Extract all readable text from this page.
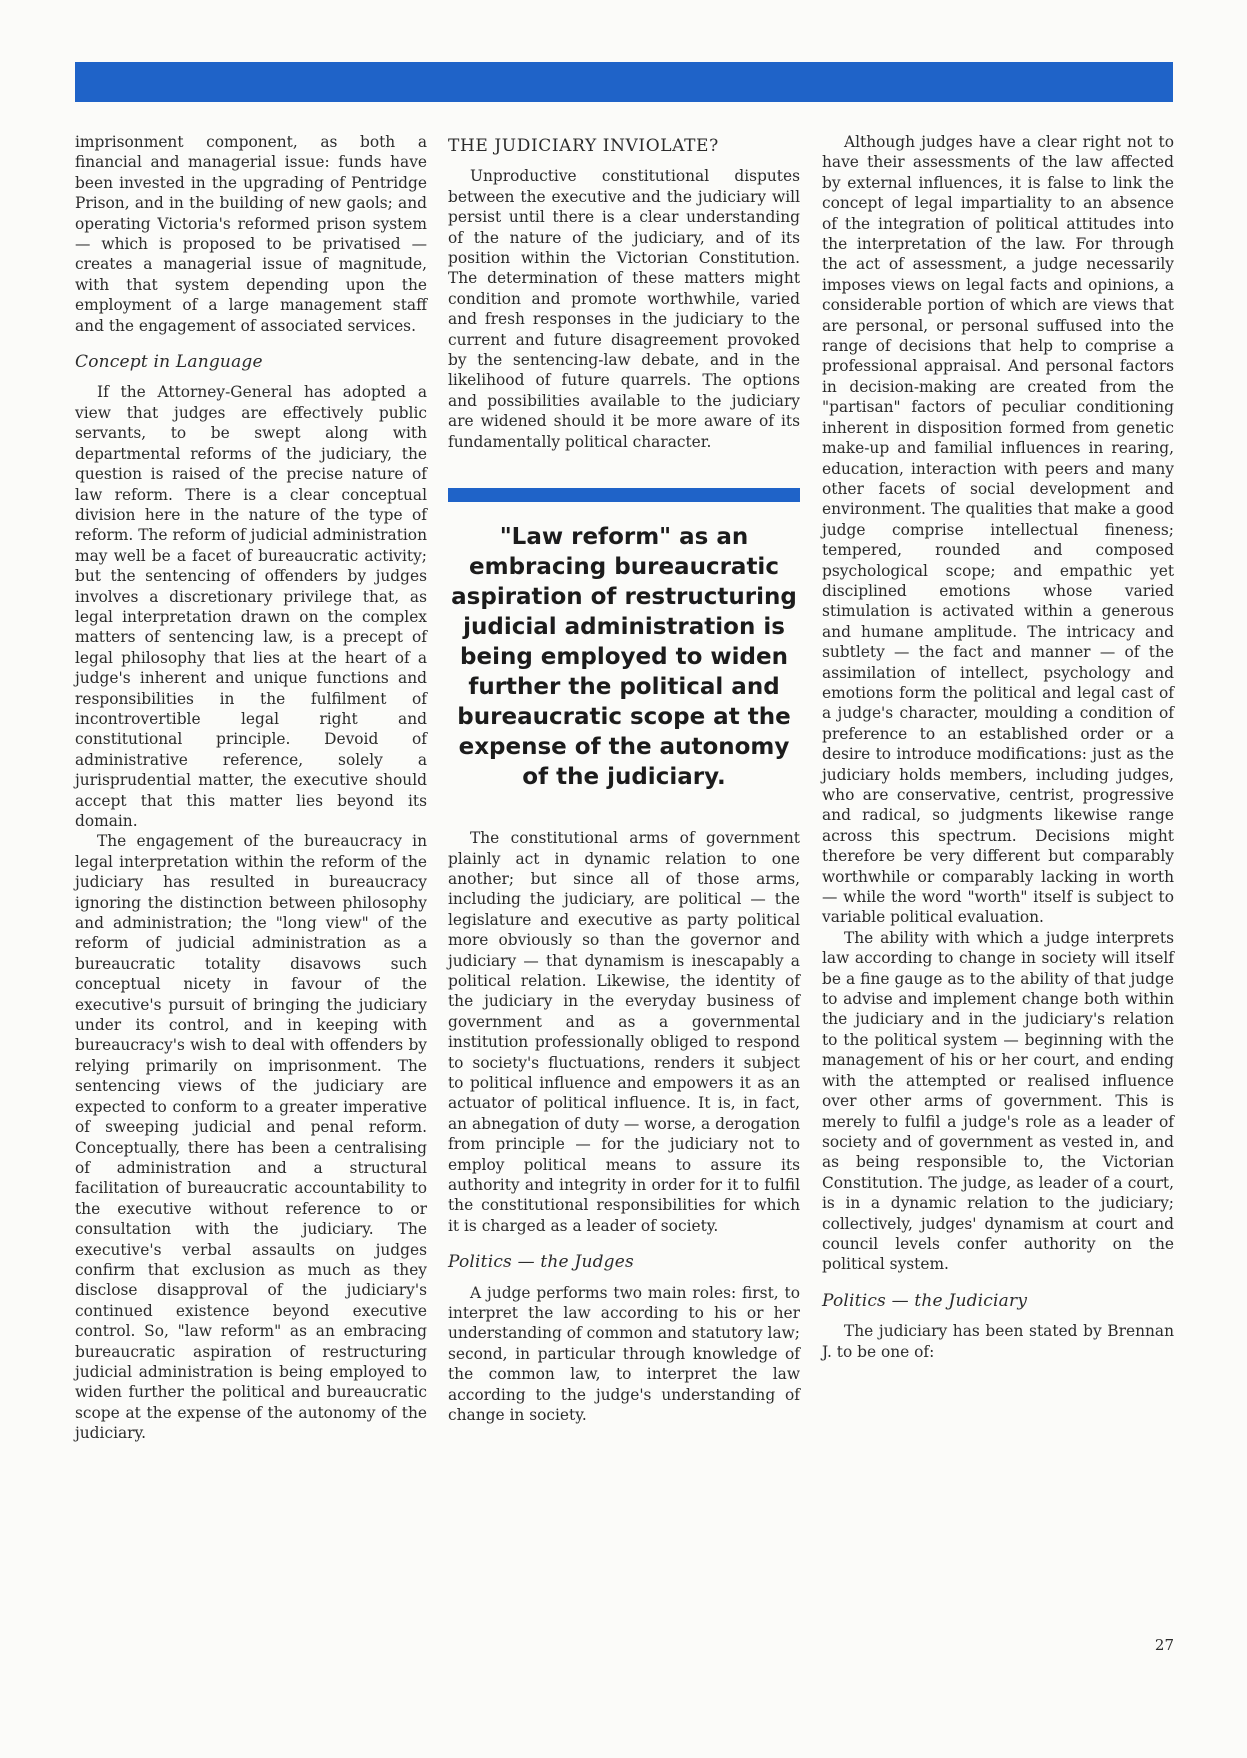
imprisonment component, as both a financial and managerial issue: funds have been invested in the upgrading of Pentridge Prison, and in the building of new gaols; and operating Victoria's reformed prison system — which is proposed to be privatised — creates a managerial issue of magnitude, with that system depending upon the employment of a large management staff and the engagement of associated services.

Concept in Language

If the Attorney-General has adopted a view that judges are effectively public servants, to be swept along with departmental reforms of the judiciary, the question is raised of the precise nature of law reform. There is a clear conceptual division here in the nature of the type of reform. The reform of judicial administration may well be a facet of bureaucratic activity; but the sentencing of offenders by judges involves a discretionary privilege that, as legal interpretation drawn on the complex matters of sentencing law, is a precept of legal philosophy that lies at the heart of a judge's inherent and unique functions and responsibilities in the fulfilment of incontrovertible legal right and constitutional principle. Devoid of administrative reference, solely a jurisprudential matter, the executive should accept that this matter lies beyond its domain.

The engagement of the bureaucracy in legal interpretation within the reform of the judiciary has resulted in bureaucracy ignoring the distinction between philosophy and administration; the "long view" of the reform of judicial administration as a bureaucratic totality disavows such conceptual nicety in favour of the executive's pursuit of bringing the judiciary under its control, and in keeping with bureaucracy's wish to deal with offenders by relying primarily on imprisonment. The sentencing views of the judiciary are expected to conform to a greater imperative of sweeping judicial and penal reform. Conceptually, there has been a centralising of administration and a structural facilitation of bureaucratic accountability to the executive without reference to or consultation with the judiciary. The executive's verbal assaults on judges confirm that exclusion as much as they disclose disapproval of the judiciary's continued existence beyond executive control. So, "law reform" as an embracing bureaucratic aspiration of restructuring judicial administration is being employed to widen further the political and bureaucratic scope at the expense of the autonomy of the judiciary.

THE JUDICIARY INVIOLATE?

Unproductive constitutional disputes between the executive and the judiciary will persist until there is a clear understanding of the nature of the judiciary, and of its position within the Victorian Constitution. The determination of these matters might condition and promote worthwhile, varied and fresh responses in the judiciary to the current and future disagreement provoked by the sentencing-law debate, and in the likelihood of future quarrels. The options and possibilities available to the judiciary are widened should it be more aware of its fundamentally political character.

"Law reform" as an embracing bureaucratic aspiration of restructuring judicial administration is being employed to widen further the political and bureaucratic scope at the expense of the autonomy of the judiciary.

The constitutional arms of government plainly act in dynamic relation to one another; but since all of those arms, including the judiciary, are political — the legislature and executive as party political more obviously so than the governor and judiciary — that dynamism is inescapably a political relation. Likewise, the identity of the judiciary in the everyday business of government and as a governmental institution professionally obliged to respond to society's fluctuations, renders it subject to political influence and empowers it as an actuator of political influence. It is, in fact, an abnegation of duty — worse, a derogation from principle — for the judiciary not to employ political means to assure its authority and integrity in order for it to fulfil the constitutional responsibilities for which it is charged as a leader of society.

Politics — the Judges

A judge performs two main roles: first, to interpret the law according to his or her understanding of common and statutory law; second, in particular through knowledge of the common law, to interpret the law according to the judge's understanding of change in society.

Although judges have a clear right not to have their assessments of the law affected by external influences, it is false to link the concept of legal impartiality to an absence of the integration of political attitudes into the interpretation of the law. For through the act of assessment, a judge necessarily imposes views on legal facts and opinions, a considerable portion of which are views that are personal, or personal suffused into the range of decisions that help to comprise a professional appraisal. And personal factors in decision-making are created from the "partisan" factors of peculiar conditioning inherent in disposition formed from genetic make-up and familial influences in rearing, education, interaction with peers and many other facets of social development and environment. The qualities that make a good judge comprise intellectual fineness; tempered, rounded and composed psychological scope; and empathic yet disciplined emotions whose varied stimulation is activated within a generous and humane amplitude. The intricacy and subtlety — the fact and manner — of the assimilation of intellect, psychology and emotions form the political and legal cast of a judge's character, moulding a condition of preference to an established order or a desire to introduce modifications: just as the judiciary holds members, including judges, who are conservative, centrist, progressive and radical, so judgments likewise range across this spectrum. Decisions might therefore be very different but comparably worthwhile or comparably lacking in worth — while the word "worth" itself is subject to variable political evaluation.

The ability with which a judge interprets law according to change in society will itself be a fine gauge as to the ability of that judge to advise and implement change both within the judiciary and in the judiciary's relation to the political system — beginning with the management of his or her court, and ending with the attempted or realised influence over other arms of government. This is merely to fulfil a judge's role as a leader of society and of government as vested in, and as being responsible to, the Victorian Constitution. The judge, as leader of a court, is in a dynamic relation to the judiciary; collectively, judges' dynamism at court and council levels confer authority on the political system.

Politics — the Judiciary

The judiciary has been stated by Brennan J. to be one of:

27
